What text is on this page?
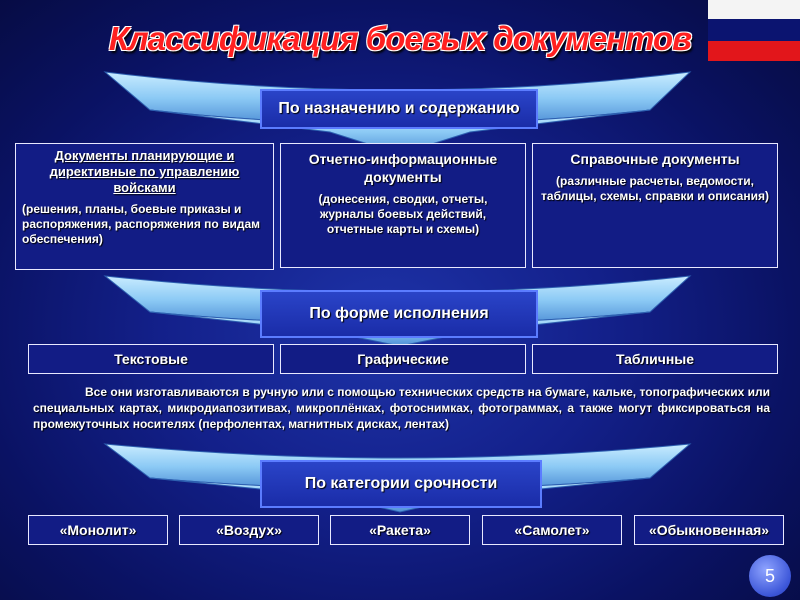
Классификация боевых документов
По назначению и содержанию
Документы планирующие и директивные по управлению войсками
(решения, планы, боевые приказы и распоряжения, распоряжения по видам обеспечения)
Отчетно-информационные документы
(донесения, сводки, отчеты, журналы боевых действий, отчетные карты и схемы)
Справочные документы
(различные расчеты, ведомости, таблицы, схемы, справки и описания)
По форме исполнения
Текстовые	Графические	Табличные
Все они изготавливаются в ручную или с помощью технических средств на бумаге, кальке, топографических или специальных картах, микродиапозитивах, микроплёнках, фотоснимках, фотограммах, а также могут фиксироваться на промежуточных носителях (перфолентах, магнитных дисках, лентах)
По категории срочности
«Монолит»	«Воздух»	«Ракета»	«Самолет»	«Обыкновенная»
5
